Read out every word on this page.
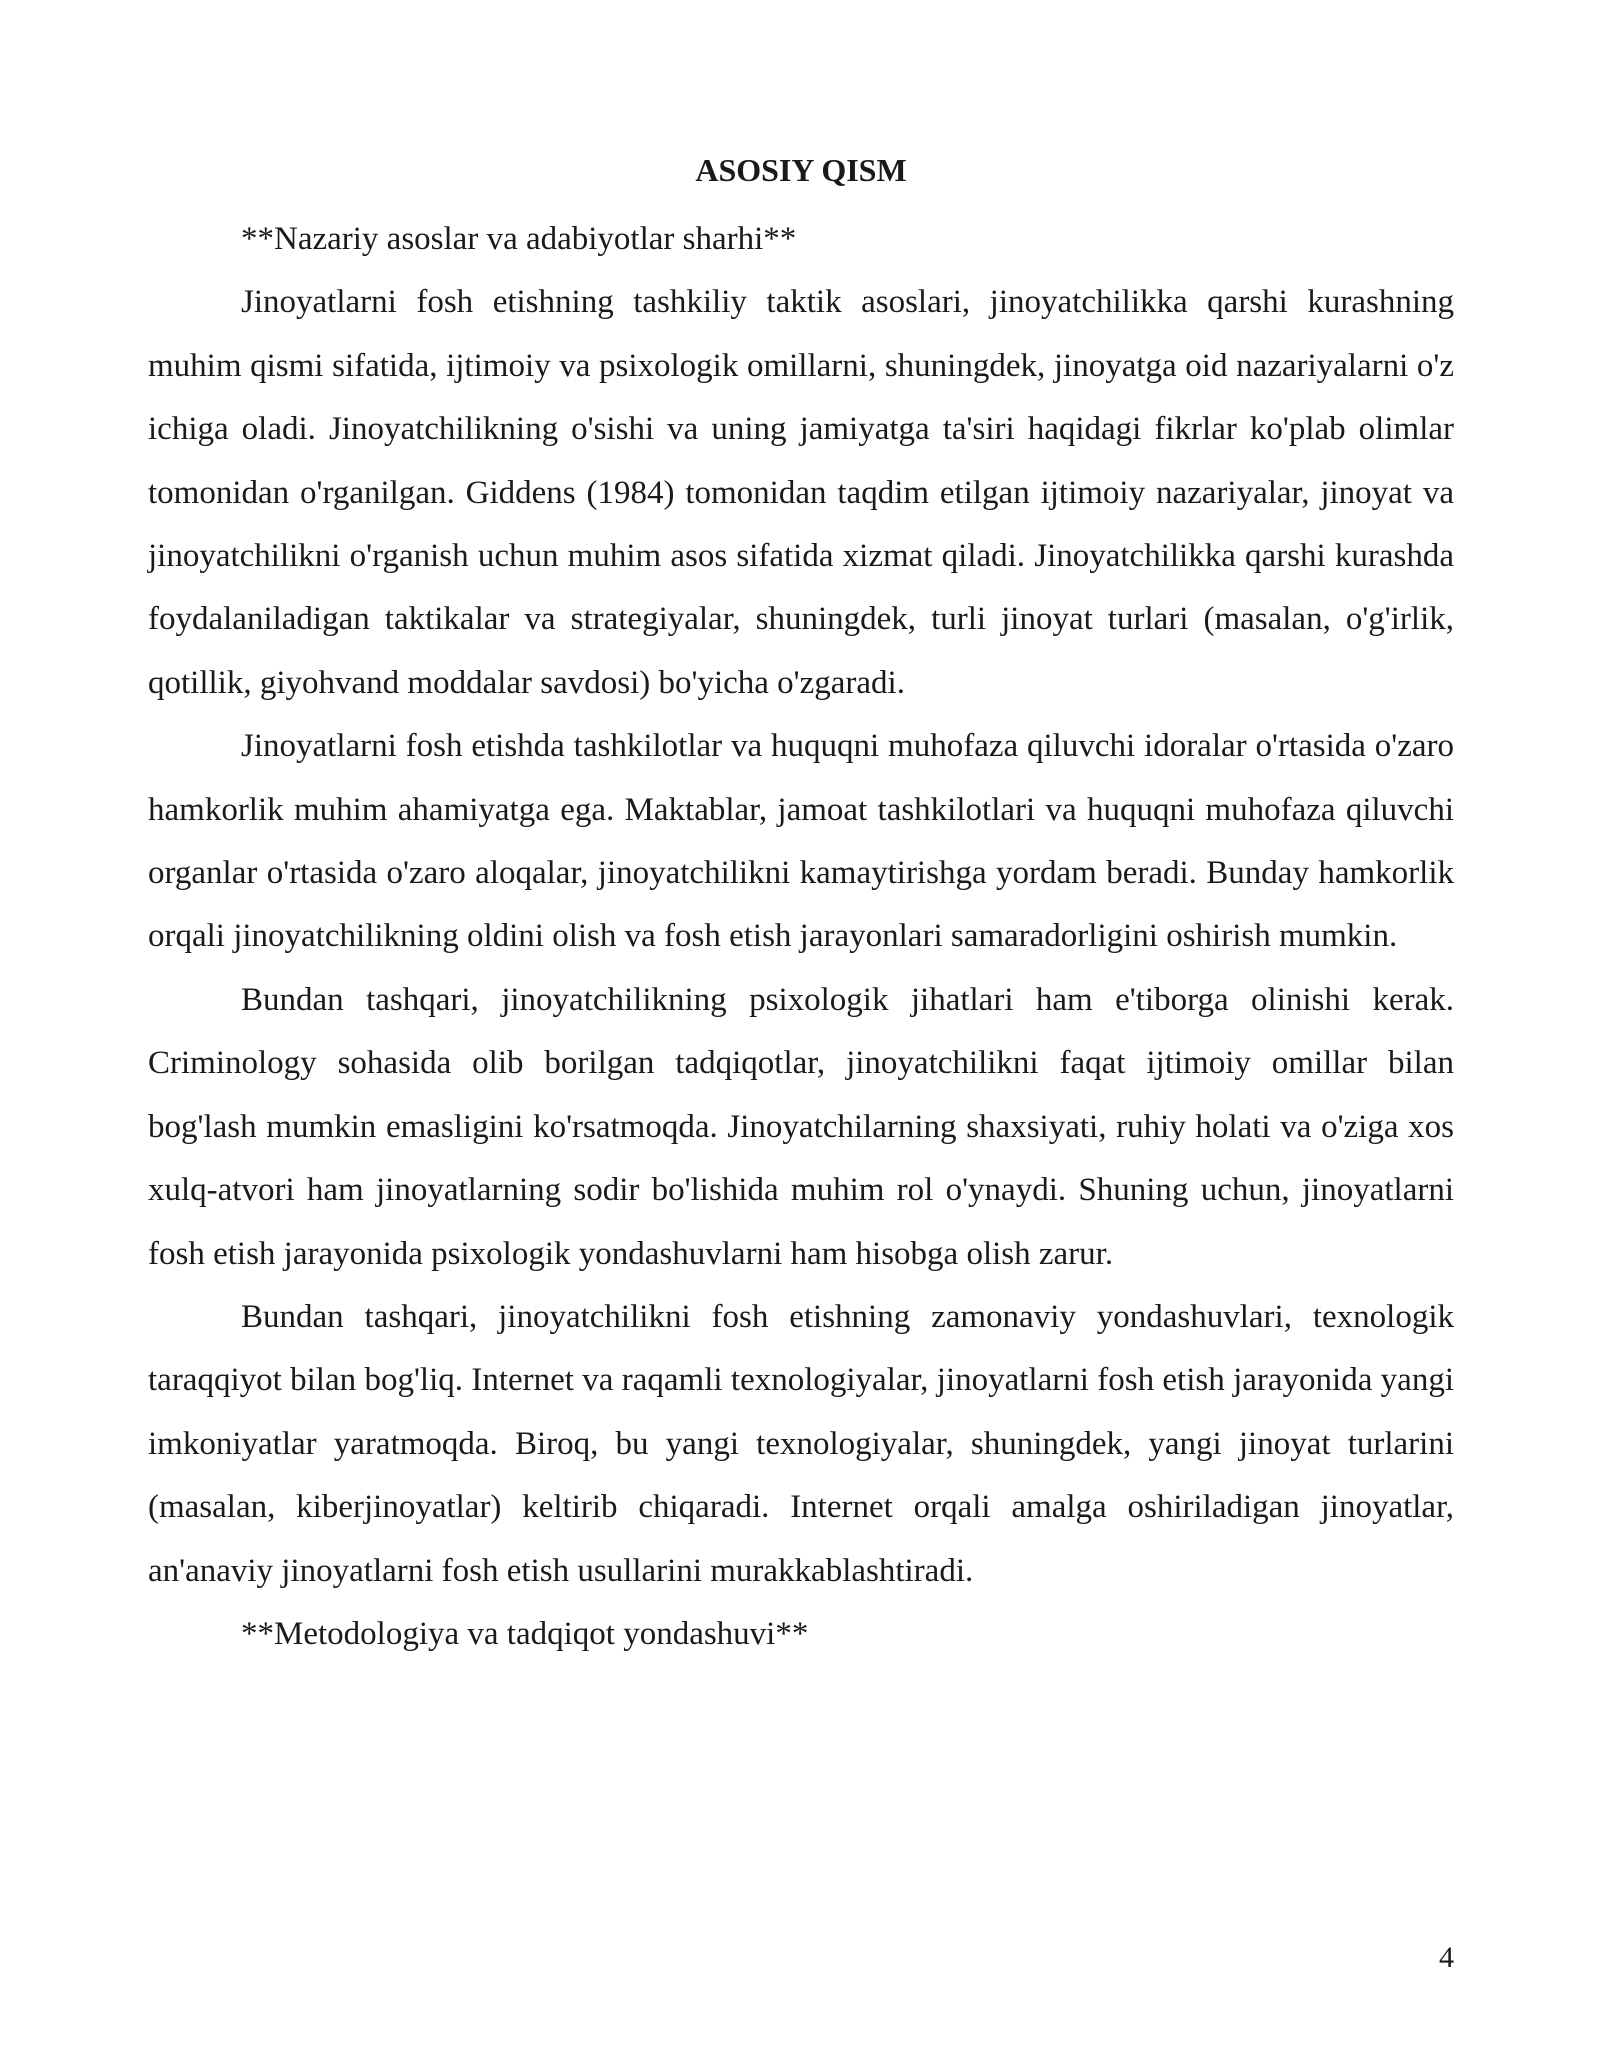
ASOSIY QISM

**Nazariy asoslar va adabiyotlar sharhi**

Jinoyatlarni fosh etishning tashkiliy taktik asoslari, jinoyatchilikka qarshi kurashning muhim qismi sifatida, ijtimoiy va psixologik omillarni, shuningdek, jinoyatga oid nazariyalarni o'z ichiga oladi. Jinoyatchilikning o'sishi va uning jamiyatga ta'siri haqidagi fikrlar ko'plab olimlar tomonidan o'rganilgan. Giddens (1984) tomonidan taqdim etilgan ijtimoiy nazariyalar, jinoyat va jinoyatchilikni o'rganish uchun muhim asos sifatida xizmat qiladi. Jinoyatchilikka qarshi kurashda foydalaniladigan taktikalar va strategiyalar, shuningdek, turli jinoyat turlari (masalan, o'g'irlik, qotillik, giyohvand moddalar savdosi) bo'yicha o'zgaradi.

Jinoyatlarni fosh etishda tashkilotlar va huquqni muhofaza qiluvchi idoralar o'rtasida o'zaro hamkorlik muhim ahamiyatga ega. Maktablar, jamoat tashkilotlari va huquqni muhofaza qiluvchi organlar o'rtasida o'zaro aloqalar, jinoyatchilikni kamaytirishga yordam beradi. Bunday hamkorlik orqali jinoyatchilikning oldini olish va fosh etish jarayonlari samaradorligini oshirish mumkin.

Bundan tashqari, jinoyatchilikning psixologik jihatlari ham e'tiborga olinishi kerak. Criminology sohasida olib borilgan tadqiqotlar, jinoyatchilikni faqat ijtimoiy omillar bilan bog'lash mumkin emasligini ko'rsatmoqda. Jinoyatchilarning shaxsiyati, ruhiy holati va o'ziga xos xulq-atvori ham jinoyatlarning sodir bo'lishida muhim rol o'ynaydi. Shuning uchun, jinoyatlarni fosh etish jarayonida psixologik yondashuvlarni ham hisobga olish zarur.

Bundan tashqari, jinoyatchilikni fosh etishning zamonaviy yondashuvlari, texnologik taraqqiyot bilan bog'liq. Internet va raqamli texnologiyalar, jinoyatlarni fosh etish jarayonida yangi imkoniyatlar yaratmoqda. Biroq, bu yangi texnologiyalar, shuningdek, yangi jinoyat turlarini (masalan, kiberjinoyatlar) keltirib chiqaradi. Internet orqali amalga oshiriladigan jinoyatlar, an'anaviy jinoyatlarni fosh etish usullarini murakkablashtiradi.

**Metodologiya va tadqiqot yondashuvi**

4
